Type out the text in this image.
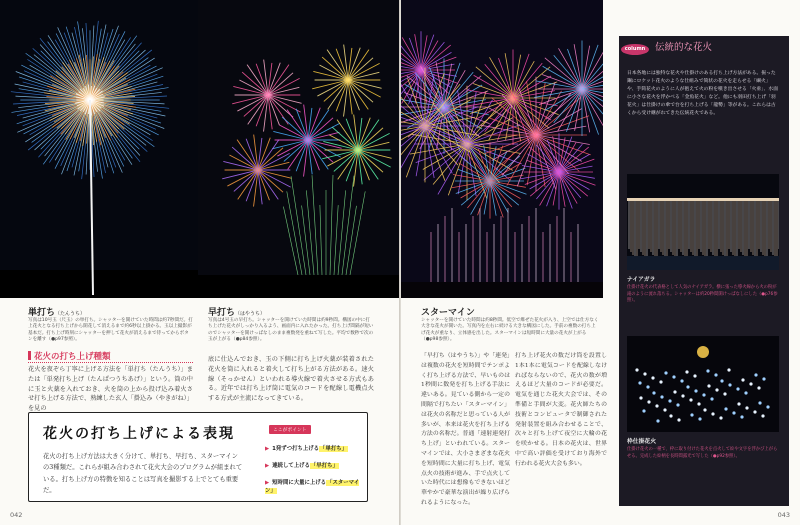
単打ち（たんうち）
写真は10号玉（尺玉）の単打ち。シャッターを開けていた時間は約7秒間だ。打上花火となる打ち上げから開花して消えるまで約6秒以上掛かる。玉以上撮影が基本だ。打ち上げ時刻にシャッターを押して花火が消えるまで待ってからボタンを離す（●p97参照）。
早打ち（はやうち）
写真は4号玉の早打ち。シャッターを開けていた時間は約9秒間。構図の中に打ち上げた花火がしっかり入るよう、画面内に入れたかった。打ち上げ間隔が短いのでシャッターを開けっぱなしのまま複数発を重ねて写した。平均で数秒で次の玉が上がる（●p84参照）。
花火の打ち上げ種類
花火を夜ぞら丁寧に上げる方法を「単打ち（たんうち）」または「単発打ち上げ（たんぱつうちあげ）」という。筒の中に玉と火薬を入れておき、火を筒の上から投げ込み着火させ打ち上げる方法で、熟練した玄人「掛込み（やきがね）」を見の
底に仕込んでおき、玉の下側に打ち上げ火薬が装着された花火を筒に入れると着火して打ち上がる方法がある。速火線（そっかせん）といわれる導火線で着火させる方式もある。近年では打ち上げ筒に電気のコードを配線し電機点火する方式が主流になってきている。
花火の打ち上げによる表現
花火の打ち上げ方法は大きく分けて、単打ち、早打ち、スターマインの3種類だ。これらが組み合わされて花火大会のプログラムが組まれている。打ち上げ方の特徴を知ることは写真を撮影する上でとても重要だ。
ここがポイント
▶ 1発ずつ打ち上げる「単打ち」
▶ 連続して上げる「早打ち」
▶ 短時間に大量に上げる「スターマイン」
042
スターマイン
シャッターを開けていた時間は約8秒間。低空で爆ぜた花火が入り、上空では仕方なく大きな花火が開いた。写真内を左右に続ける大きな構図にした。手前の複数の打ち上げ花火が重なり、立体感を出した。スターマインは短時間に大量の花火が上がる（●p98参照）。
「早打ち（はやうち）」や「連発」は複数の花火を短時間でテンポよく打ち上げる方法で、早いものは1秒間に数発を打ち上げる手法に違いある。見ている側から一定の間隔で打ちたい「スターマイン」は花火の名称だと思っている人が多いが、本来は花火を打ち上げる方法の名称だ。普通「速射連発打ち上げ」といわれている。スターマインでは、大小さまざまな花火を短時間に大量に打ち上げ、電気点火の技術が進み、手で点火していた時代には想像もできないほど華やかで豪華な演出が繰り広げられるようになった。
打ち上げ花火の数だけ筒を設置し1本1本に電気コードを配線しなければならないので、花火の数が増えるほど大量のコードが必要だ。電気を通じた花火大会では、その準備と手間が大変。花火師たちの技術とコンピュータで制御された発射装置を組み合わせることで、次々と打ち上げて夜空に大輪の花を咲かせる。日本の花火は、世界中で高い評価を受けており海外で行われる花火大会も多い。
column	伝統的な花火
日本各地には独特な花火や仕掛けのある打ち上げ方法がある。振った鋼にロケット花火のような仕組みで筒状の花火を走らせる「綱火」や、手筒花火のように人が抱えて火の粉を噴き出させる「火垂」、水面に小さな花火を浮かべる「金魚花火」など。他にも羽田打ち上げ「羽花火」は仕掛けの傘で台を打ち上げる「龍勢」等がある。これらは古くから受け継がれてきた伝統花火である。
ナイアガラ
仕掛け花火の代表格として人気のナイアガラ。横に張った導火線から火の粉が滝のように流れ落ちる。シャッターは約20秒間開けっぱなしにした（●p76参照）。
枠仕掛花火
仕掛け花火の一種で、枠に取り付けた花火を点火して絵や文字を浮かび上がらせる。完成した絵柄を長時間露光で写した（●p92参照）。
043
